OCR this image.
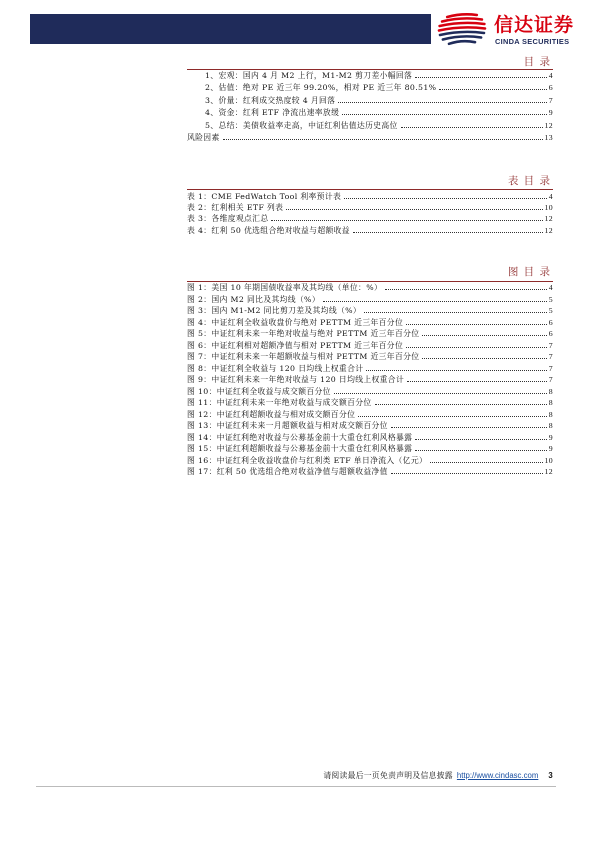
信达证券
CINDA SECURITIES
目 录
1、宏观：国内 4 月 M2 上行，M1-M2 剪刀差小幅回落	4
2、估值：绝对 PE 近三年 99.20%，相对 PE 近三年 80.51%	6
3、价量：红利成交热度较 4 月回落	7
4、资金：红利 ETF 净流出速率放缓	9
5、总结：美债收益率走高，中证红利估值达历史高位	12
风险因素	13
表 目 录
表 1：CME FedWatch Tool 利率预计表	4
表 2：红利相关 ETF 列表	10
表 3：各维度观点汇总	12
表 4：红利 50 优选组合绝对收益与超额收益	12
图 目 录
图 1：美国 10 年期国债收益率及其均线（单位：%）	4
图 2：国内 M2 同比及其均线（%）	5
图 3：国内 M1-M2 同比剪刀差及其均线（%）	5
图 4：中证红利全收益收盘价与绝对 PETTM 近三年百分位	6
图 5：中证红利未来一年绝对收益与绝对 PETTM 近三年百分位	6
图 6：中证红利相对超额净值与相对 PETTM 近三年百分位	7
图 7：中证红利未来一年超额收益与相对 PETTM 近三年百分位	7
图 8：中证红利全收益与 120 日均线上权重合计	7
图 9：中证红利未来一年绝对收益与 120 日均线上权重合计	7
图 10：中证红利全收益与成交额百分位	8
图 11：中证红利未来一年绝对收益与成交额百分位	8
图 12：中证红利超额收益与相对成交额百分位	8
图 13：中证红利未来一月超额收益与相对成交额百分位	8
图 14：中证红利绝对收益与公募基金前十大重仓红利风格暴露	9
图 15：中证红利超额收益与公募基金前十大重仓红利风格暴露	9
图 16：中证红利全收益收盘价与红利类 ETF 单日净流入（亿元）	10
图 17：红利 50 优选组合绝对收益净值与超额收益净值	12
请阅读最后一页免责声明及信息披露 http://www.cindasc.com 3
